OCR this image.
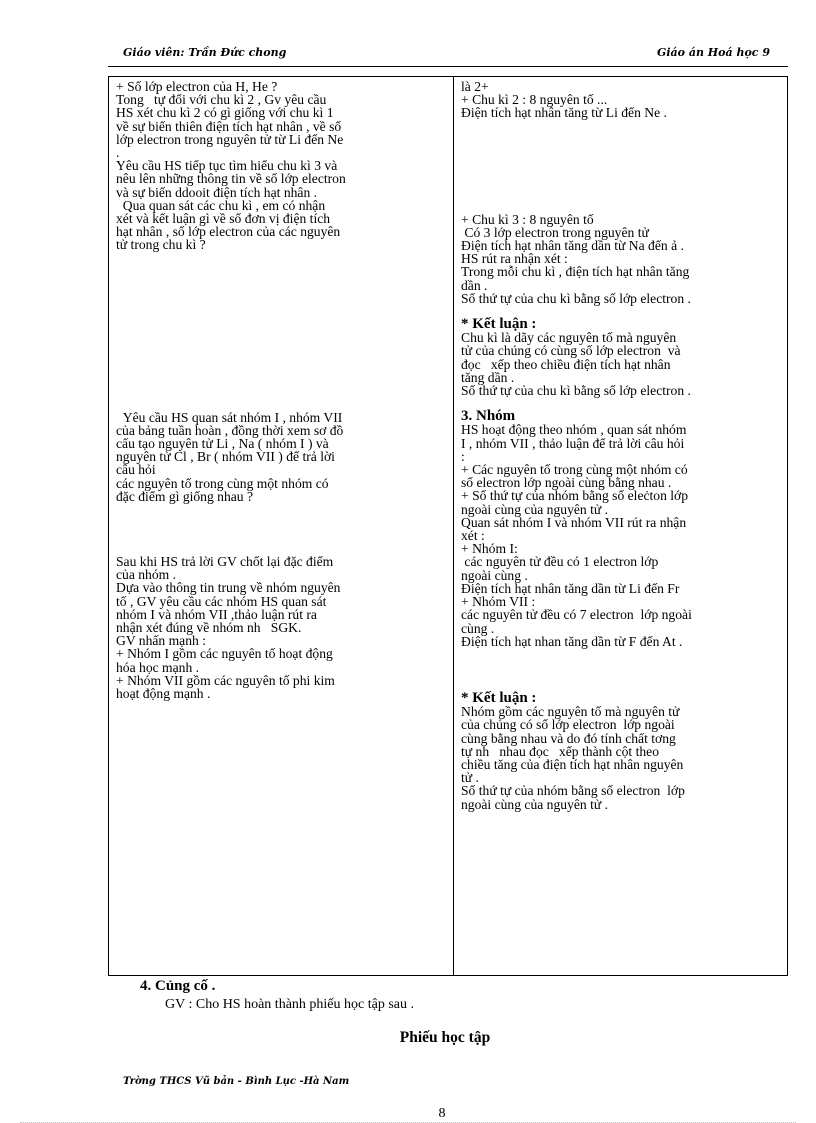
Giáo viên: Trần Đức chong	Giáo án Hoá học 9

+ Số lớp electron của H, He ?

Tong   tự đối với chu kì 2 , Gv yêu cầu

HS xét chu kì 2 có gì giống với chu kì 1

về sự biến thiên điện tích hạt nhân , về số

lớp electron trong nguyên tử từ Li đến Ne

.

Yêu cầu HS tiếp tục tìm hiểu chu kì 3 và

nêu lên những thông tin về số lớp electron

và sự biến ddooit điện tích hạt nhân .

Qua quan sát các chu kì , em có nhận

xét và kết luận gì về số đơn vị điện tích

hạt nhân , số lớp electron của các nguyên

tử trong chu kì ?

Yêu cầu HS quan sát nhóm I , nhóm VII

của bảng tuần hoàn , đồng thời xem sơ đồ

cấu tạo nguyên tử Li , Na ( nhóm I ) và

nguyên tử Cl , Br ( nhóm VII ) để trả lời

câu hỏi

các nguyên tố trong cùng một nhóm có

đặc điểm gì giống nhau ?

Sau khi HS trả lời GV chốt lại đặc điểm

của nhóm .

Dựa vào thông tin trung về nhóm nguyên

tố , GV yêu cầu các nhóm HS quan sát

nhóm I và nhóm VII ,thảo luận rút ra

nhận xét đúng về nhóm nh   SGK.

GV nhấn mạnh :

+ Nhóm I gồm các nguyên tố hoạt động

hóa học mạnh .

+ Nhóm VII gồm các nguyên tố phi kim

hoạt động mạnh .

là 2+

+ Chu kì 2 : 8 nguyên tố ...

Điện tích hạt nhân tăng từ Li đến Ne .

+ Chu kì 3 : 8 nguyên tố

Có 3 lớp electron trong nguyên tử

Điện tích hạt nhân tăng dần từ Na đến ả .

HS rút ra nhận xét :

Trong mỗi chu kì , điện tích hạt nhân tăng

dần .

Số thứ tự của chu kì bằng số lớp electron .

* Kết luận :

Chu kì là dãy các nguyên tố mà nguyên

tử của chúng có cùng số lớp electron  và

đọc   xếp theo chiều điện tích hạt nhân

tăng dần .

Số thứ tự của chu kì bằng số lớp electron .

3. Nhóm

HS hoạt động theo nhóm , quan sát nhóm

I , nhóm VII , thảo luận để trả lời câu hỏi

:

+ Các nguyên tố trong cùng một nhóm có

số electron lớp ngoài cùng bằng nhau .

+ Số thứ tự của nhóm bằng số eleċton lớp

ngoài cùng của nguyên tử .

Quan sát nhóm I và nhóm VII rút ra nhận

xét :

+ Nhóm I:

các nguyên tử đều có 1 electron lớp

ngoài cùng .

Điện tích hạt nhân tăng dần từ Li đến Fr

+ Nhóm VII :

các nguyên tử đều có 7 electron  lớp ngoài

cùng .

Điện tích hạt nhan tăng dần từ F đến At .

* Kết luận :

Nhóm gồm các nguyên tố mà nguyên tử

của chúng có số lớp electron  lớp ngoài

cùng bằng nhau và do đó tính chất tơng

tự nh   nhau đọc   xếp thành cột theo

chiều tăng của điện tích hạt nhân nguyên

tử .

Số thứ tự của nhóm bằng số electron  lớp

ngoài cùng của nguyên tử .

4. Củng cố .
GV : Cho HS hoàn thành phiếu học tập sau .
Phiếu học tập
Trờng THCS Vũ bản - Bình Lục -Hà Nam
8
